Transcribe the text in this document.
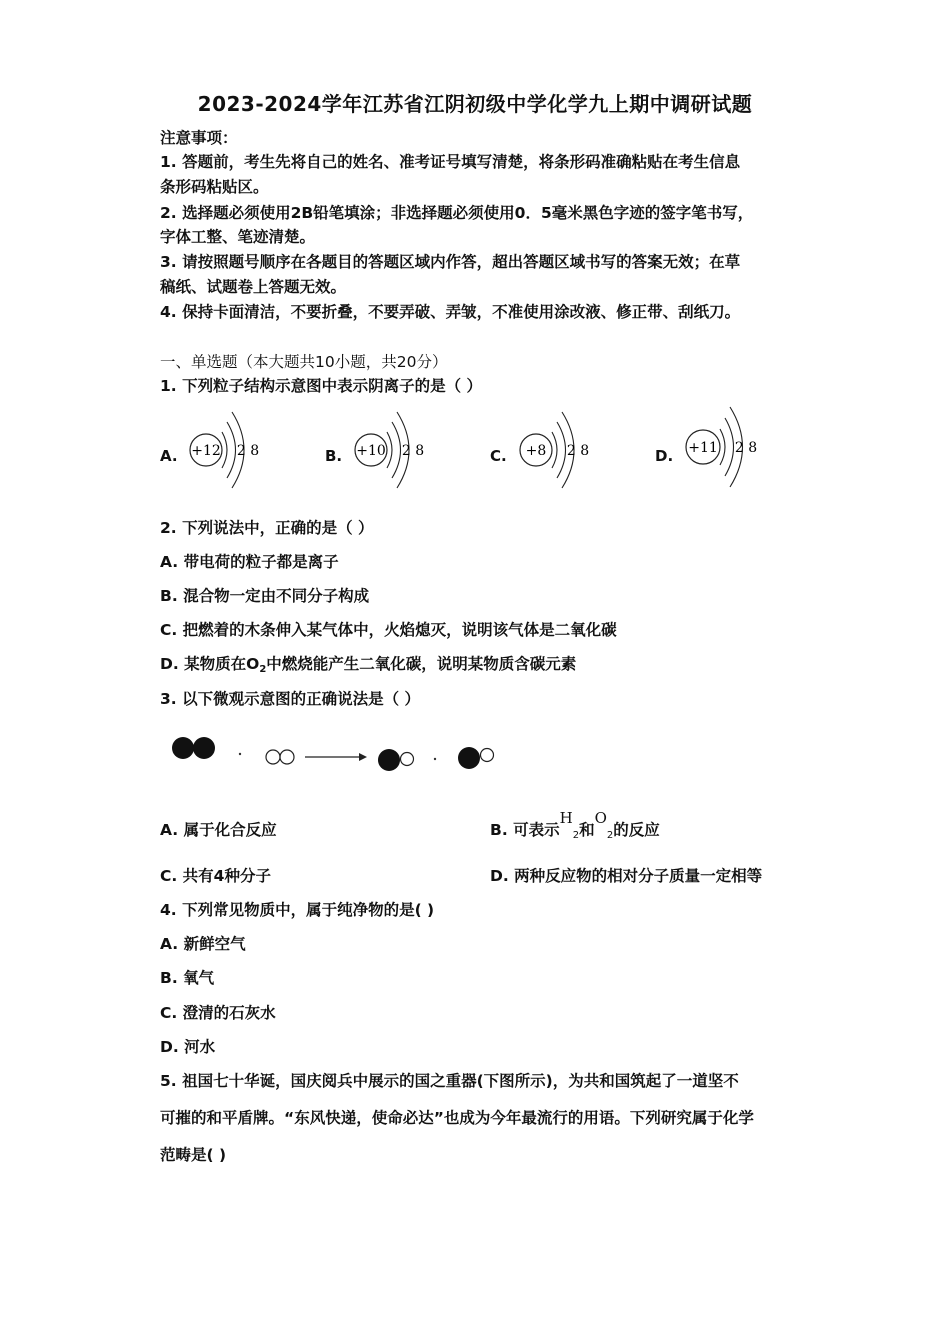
2023-2024学年江苏省江阴初级中学化学九上期中调研试题
注意事项：
1. 答题前，考生先将自己的姓名、准考证号填写清楚，将条形码准确粘贴在考生信息
条形码粘贴区。
2. 选择题必须使用2B铅笔填涂；非选择题必须使用0．5毫米黑色字迹的签字笔书写，
字体工整、笔迹清楚。
3. 请按照题号顺序在各题目的答题区域内作答，超出答题区域书写的答案无效；在草
稿纸、试题卷上答题无效。
4. 保持卡面清洁，不要折叠，不要弄破、弄皱，不准使用涂改液、修正带、刮纸刀。
一、单选题（本大题共10小题，共20分）
1. 下列粒子结构示意图中表示阴离子的是（ ）
A. +12 2 8	B. +10 2 8	C. +8 2 8	D. +11 2 8
2. 下列说法中，正确的是（ ）
A. 带电荷的粒子都是离子
B. 混合物一定由不同分子构成
C. 把燃着的木条伸入某气体中，火焰熄灭，说明该气体是二氧化碳
D. 某物质在$O_2$中燃烧能产生二氧化碳，说明某物质含碳元素
3. 以下微观示意图的正确说法是（ ）
A. 属于化合反应	B. 可表示$H_2$和$O_2$的反应
C. 共有4种分子	D. 两种反应物的相对分子质量一定相等
4. 下列常见物质中，属于纯净物的是( )
A. 新鲜空气
B. 氧气
C. 澄清的石灰水
D. 河水
5. 祖国七十华诞，国庆阅兵中展示的国之重器(下图所示)，为共和国筑起了一道坚不
可摧的和平盾牌。“东风快递，使命必达”也成为今年最流行的用语。下列研究属于化学
范畴是( )
